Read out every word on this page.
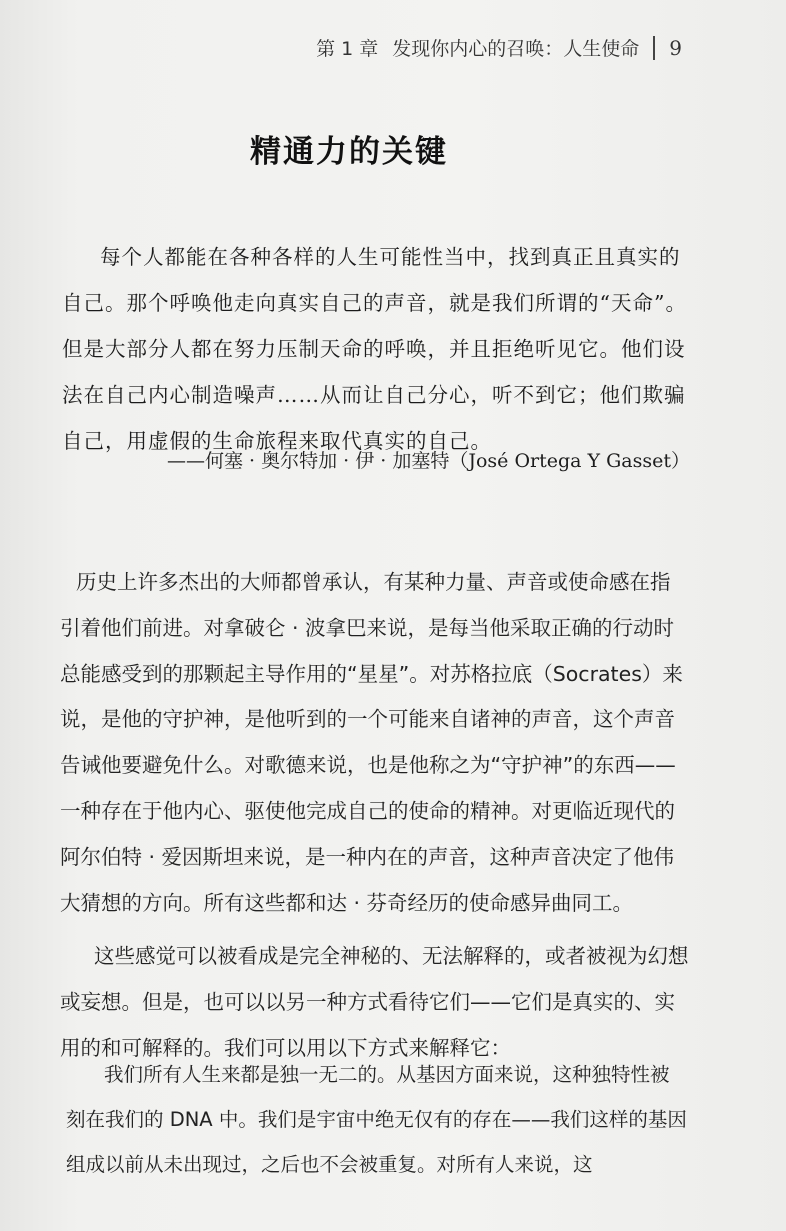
第 1 章 发现你内心的召唤：人生使命 9
精通力的关键

每个人都能在各种各样的人生可能性当中，找到真正且真实的自己。那个呼唤他走向真实自己的声音，就是我们所谓的“天命”。但是大部分人都在努力压制天命的呼唤，并且拒绝听见它。他们设法在自己内心制造噪声……从而让自己分心，听不到它；他们欺骗自己，用虚假的生命旅程来取代真实的自己。

——何塞 · 奥尔特加 · 伊 · 加塞特（José Ortega Y Gasset）

历史上许多杰出的大师都曾承认，有某种力量、声音或使命感在指引着他们前进。对拿破仑 · 波拿巴来说，是每当他采取正确的行动时总能感受到的那颗起主导作用的“星星”。对苏格拉底（Socrates）来说，是他的守护神，是他听到的一个可能来自诸神的声音，这个声音告诫他要避免什么。对歌德来说，也是他称之为“守护神”的东西——一种存在于他内心、驱使他完成自己的使命的精神。对更临近现代的阿尔伯特 · 爱因斯坦来说，是一种内在的声音，这种声音决定了他伟大猜想的方向。所有这些都和达 · 芬奇经历的使命感异曲同工。

这些感觉可以被看成是完全神秘的、无法解释的，或者被视为幻想或妄想。但是，也可以以另一种方式看待它们——它们是真实的、实用的和可解释的。我们可以用以下方式来解释它：

我们所有人生来都是独一无二的。从基因方面来说，这种独特性被刻在我们的 DNA 中。我们是宇宙中绝无仅有的存在——我们这样的基因组成以前从未出现过，之后也不会被重复。对所有人来说，这
